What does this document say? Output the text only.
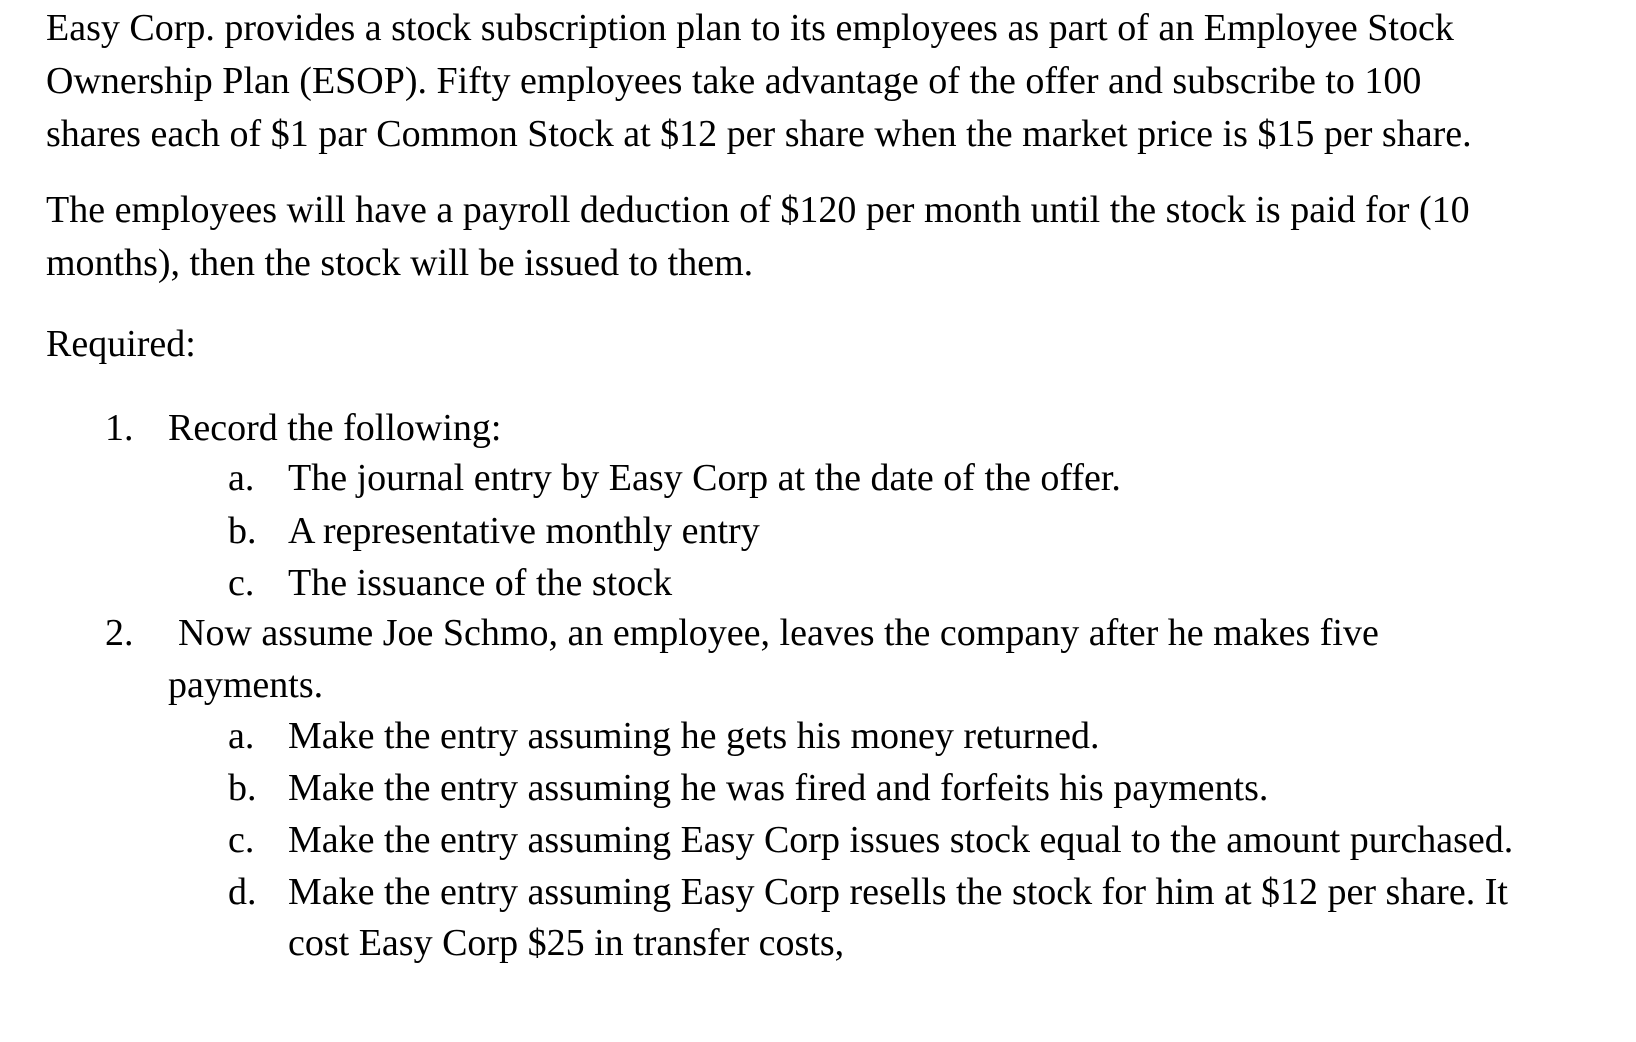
Easy Corp. provides a stock subscription plan to its employees as part of an Employee Stock
Ownership Plan (ESOP). Fifty employees take advantage of the offer and subscribe to 100
shares each of $1 par Common Stock at $12 per share when the market price is $15 per share.

The employees will have a payroll deduction of $120 per month until the stock is paid for (10
months), then the stock will be issued to them.

Required:

1. Record the following:
a. The journal entry by Easy Corp at the date of the offer.
b. A representative monthly entry
c. The issuance of the stock
2. Now assume Joe Schmo, an employee, leaves the company after he makes five
payments.
a. Make the entry assuming he gets his money returned.
b. Make the entry assuming he was fired and forfeits his payments.
c. Make the entry assuming Easy Corp issues stock equal to the amount purchased.
d. Make the entry assuming Easy Corp resells the stock for him at $12 per share. It
cost Easy Corp $25 in transfer costs,
